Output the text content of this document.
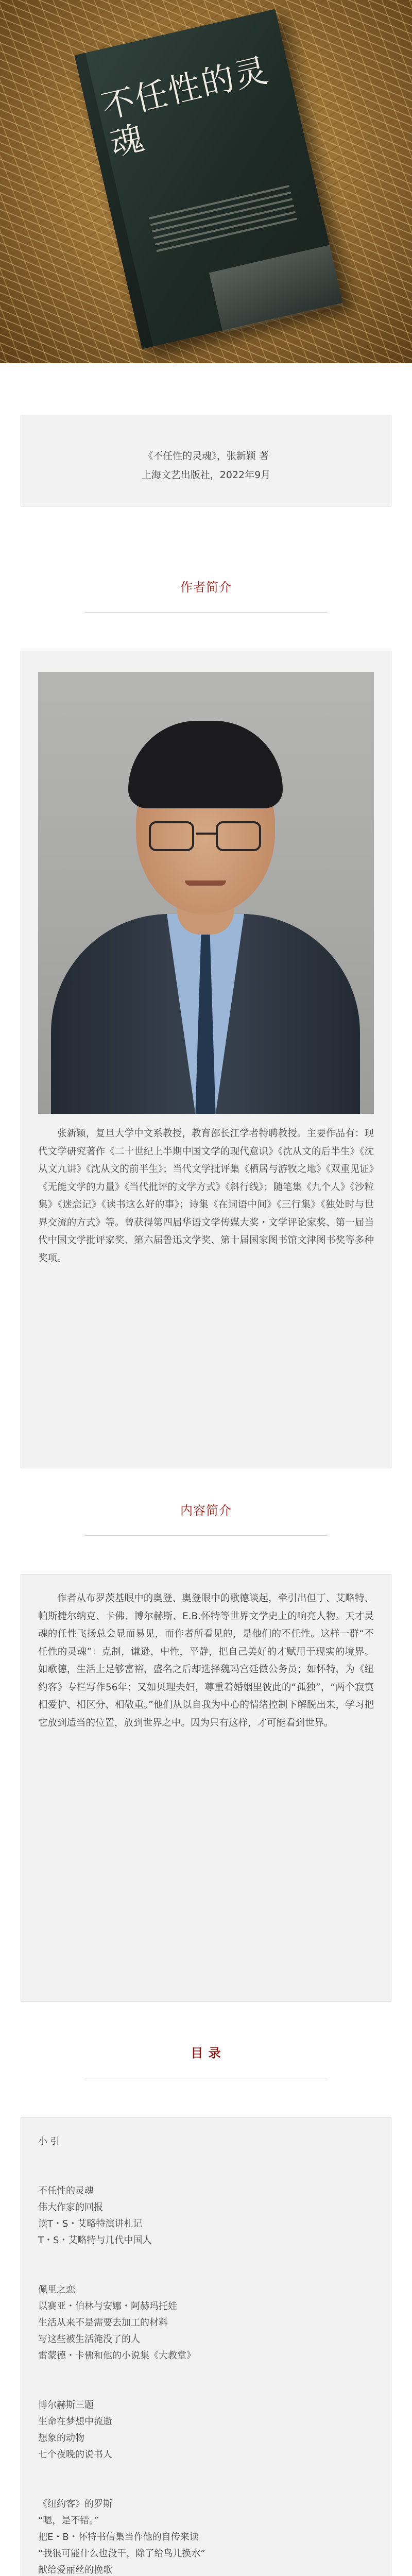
不任性的灵魂
《不任性的灵魂》，张新颖 著
上海文艺出版社，2022年9月
作者简介
张新颖，复旦大学中文系教授，教育部长江学者特聘教授。主要作品有：现代文学研究著作《二十世纪上半期中国文学的现代意识》《沈从文的后半生》《沈从文九讲》《沈从文的前半生》；当代文学批评集《栖居与游牧之地》《双重见证》《无能文学的力量》《当代批评的文学方式》《斜行线》；随笔集《九个人》《沙粒集》《迷恋记》《读书这么好的事》；诗集《在词语中间》《三行集》《独处时与世界交流的方式》等。曾获得第四届华语文学传媒大奖・文学评论家奖、第一届当代中国文学批评家奖、第六届鲁迅文学奖、第十届国家图书馆文津图书奖等多种奖项。
内容简介
作者从布罗茨基眼中的奥登、奥登眼中的歌德谈起，牵引出但丁、艾略特、帕斯捷尔纳克、卡佛、博尔赫斯、E.B.怀特等世界文学史上的响亮人物。天才灵魂的任性飞扬总会显而易见，而作者所看见的，是他们的不任性。这样一群“不任性的灵魂”：克制，谦逊，中性，平静，把自己美好的才赋用于现实的境界。如歌德，生活上足够富裕，盛名之后却选择魏玛宫廷做公务员；如怀特，为《纽约客》专栏写作56年；又如贝理夫妇，尊重着婚姻里彼此的“孤独”，“两个寂寞相爱护、相区分、相敬重。”他们从以自我为中心的情绪控制下解脱出来，学习把它放到适当的位置，放到世界之中。因为只有这样，才可能看到世界。
目 录
小 引
不任性的灵魂
伟大作家的回报
读T・S・艾略特演讲札记
T・S・艾略特与几代中国人
佩里之恋
以赛亚・伯林与安娜・阿赫玛托娃
生活从来不是需要去加工的材料
写这些被生活淹没了的人
雷蒙德・卡佛和他的小说集《大教堂》
博尔赫斯三题
生命在梦想中流逝
想象的动物
七个夜晚的说书人
《纽约客》的罗斯
“嗯，是不错。”
把E・B・怀特书信集当作他的自传来读
“我很可能什么也没干，除了给鸟儿换水”
献给爱丽丝的挽歌
